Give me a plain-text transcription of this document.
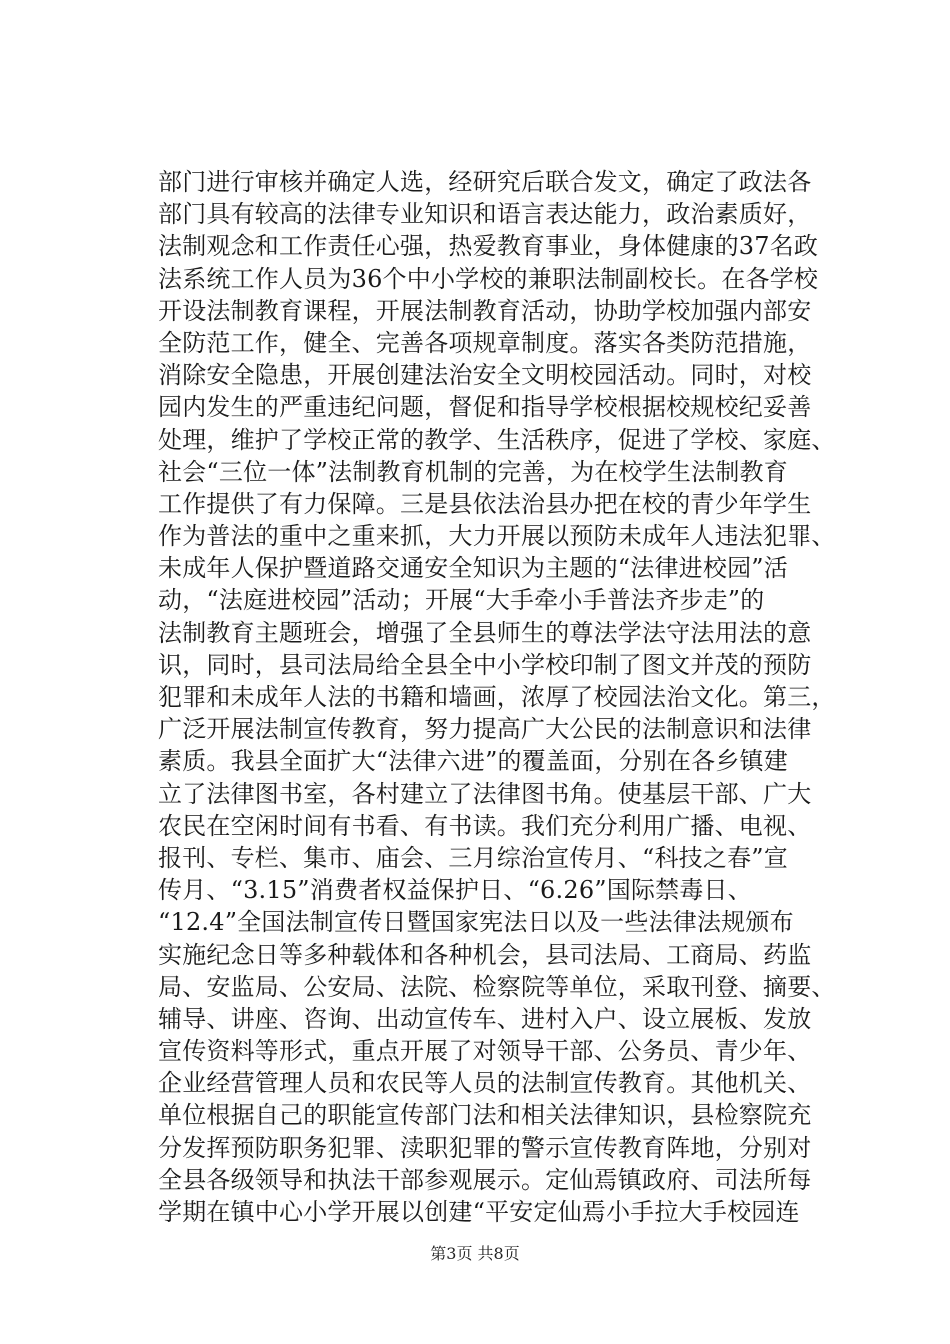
部门进行审核并确定人选，经研究后联合发文，确定了政法各
部门具有较高的法律专业知识和语言表达能力，政治素质好，
法制观念和工作责任心强，热爱教育事业，身体健康的37名政
法系统工作人员为36个中小学校的兼职法制副校长。在各学校
开设法制教育课程，开展法制教育活动，协助学校加强内部安
全防范工作，健全、完善各项规章制度。落实各类防范措施，
消除安全隐患，开展创建法治安全文明校园活动。同时，对校
园内发生的严重违纪问题，督促和指导学校根据校规校纪妥善
处理，维护了学校正常的教学、生活秩序，促进了学校、家庭、
社会“三位一体”法制教育机制的完善，为在校学生法制教育
工作提供了有力保障。三是县依法治县办把在校的青少年学生
作为普法的重中之重来抓，大力开展以预防未成年人违法犯罪、
未成年人保护暨道路交通安全知识为主题的“法律进校园”活
动，“法庭进校园”活动；开展“大手牵小手普法齐步走”的
法制教育主题班会，增强了全县师生的尊法学法守法用法的意
识，同时，县司法局给全县全中小学校印制了图文并茂的预防
犯罪和未成年人法的书籍和墙画，浓厚了校园法治文化。第三，
广泛开展法制宣传教育，努力提高广大公民的法制意识和法律
素质。我县全面扩大“法律六进”的覆盖面，分别在各乡镇建
立了法律图书室，各村建立了法律图书角。使基层干部、广大
农民在空闲时间有书看、有书读。我们充分利用广播、电视、
报刊、专栏、集市、庙会、三月综治宣传月、“科技之春”宣
传月、“3.15”消费者权益保护日、“6.26”国际禁毒日、
“12.4”全国法制宣传日暨国家宪法日以及一些法律法规颁布
实施纪念日等多种载体和各种机会，县司法局、工商局、药监
局、安监局、公安局、法院、检察院等单位，采取刊登、摘要、
辅导、讲座、咨询、出动宣传车、进村入户、设立展板、发放
宣传资料等形式，重点开展了对领导干部、公务员、青少年、
企业经营管理人员和农民等人员的法制宣传教育。其他机关、
单位根据自己的职能宣传部门法和相关法律知识，县检察院充
分发挥预防职务犯罪、渎职犯罪的警示宣传教育阵地，分别对
全县各级领导和执法干部参观展示。定仙焉镇政府、司法所每
学期在镇中心小学开展以创建“平安定仙焉小手拉大手校园连
第3页 共8页
